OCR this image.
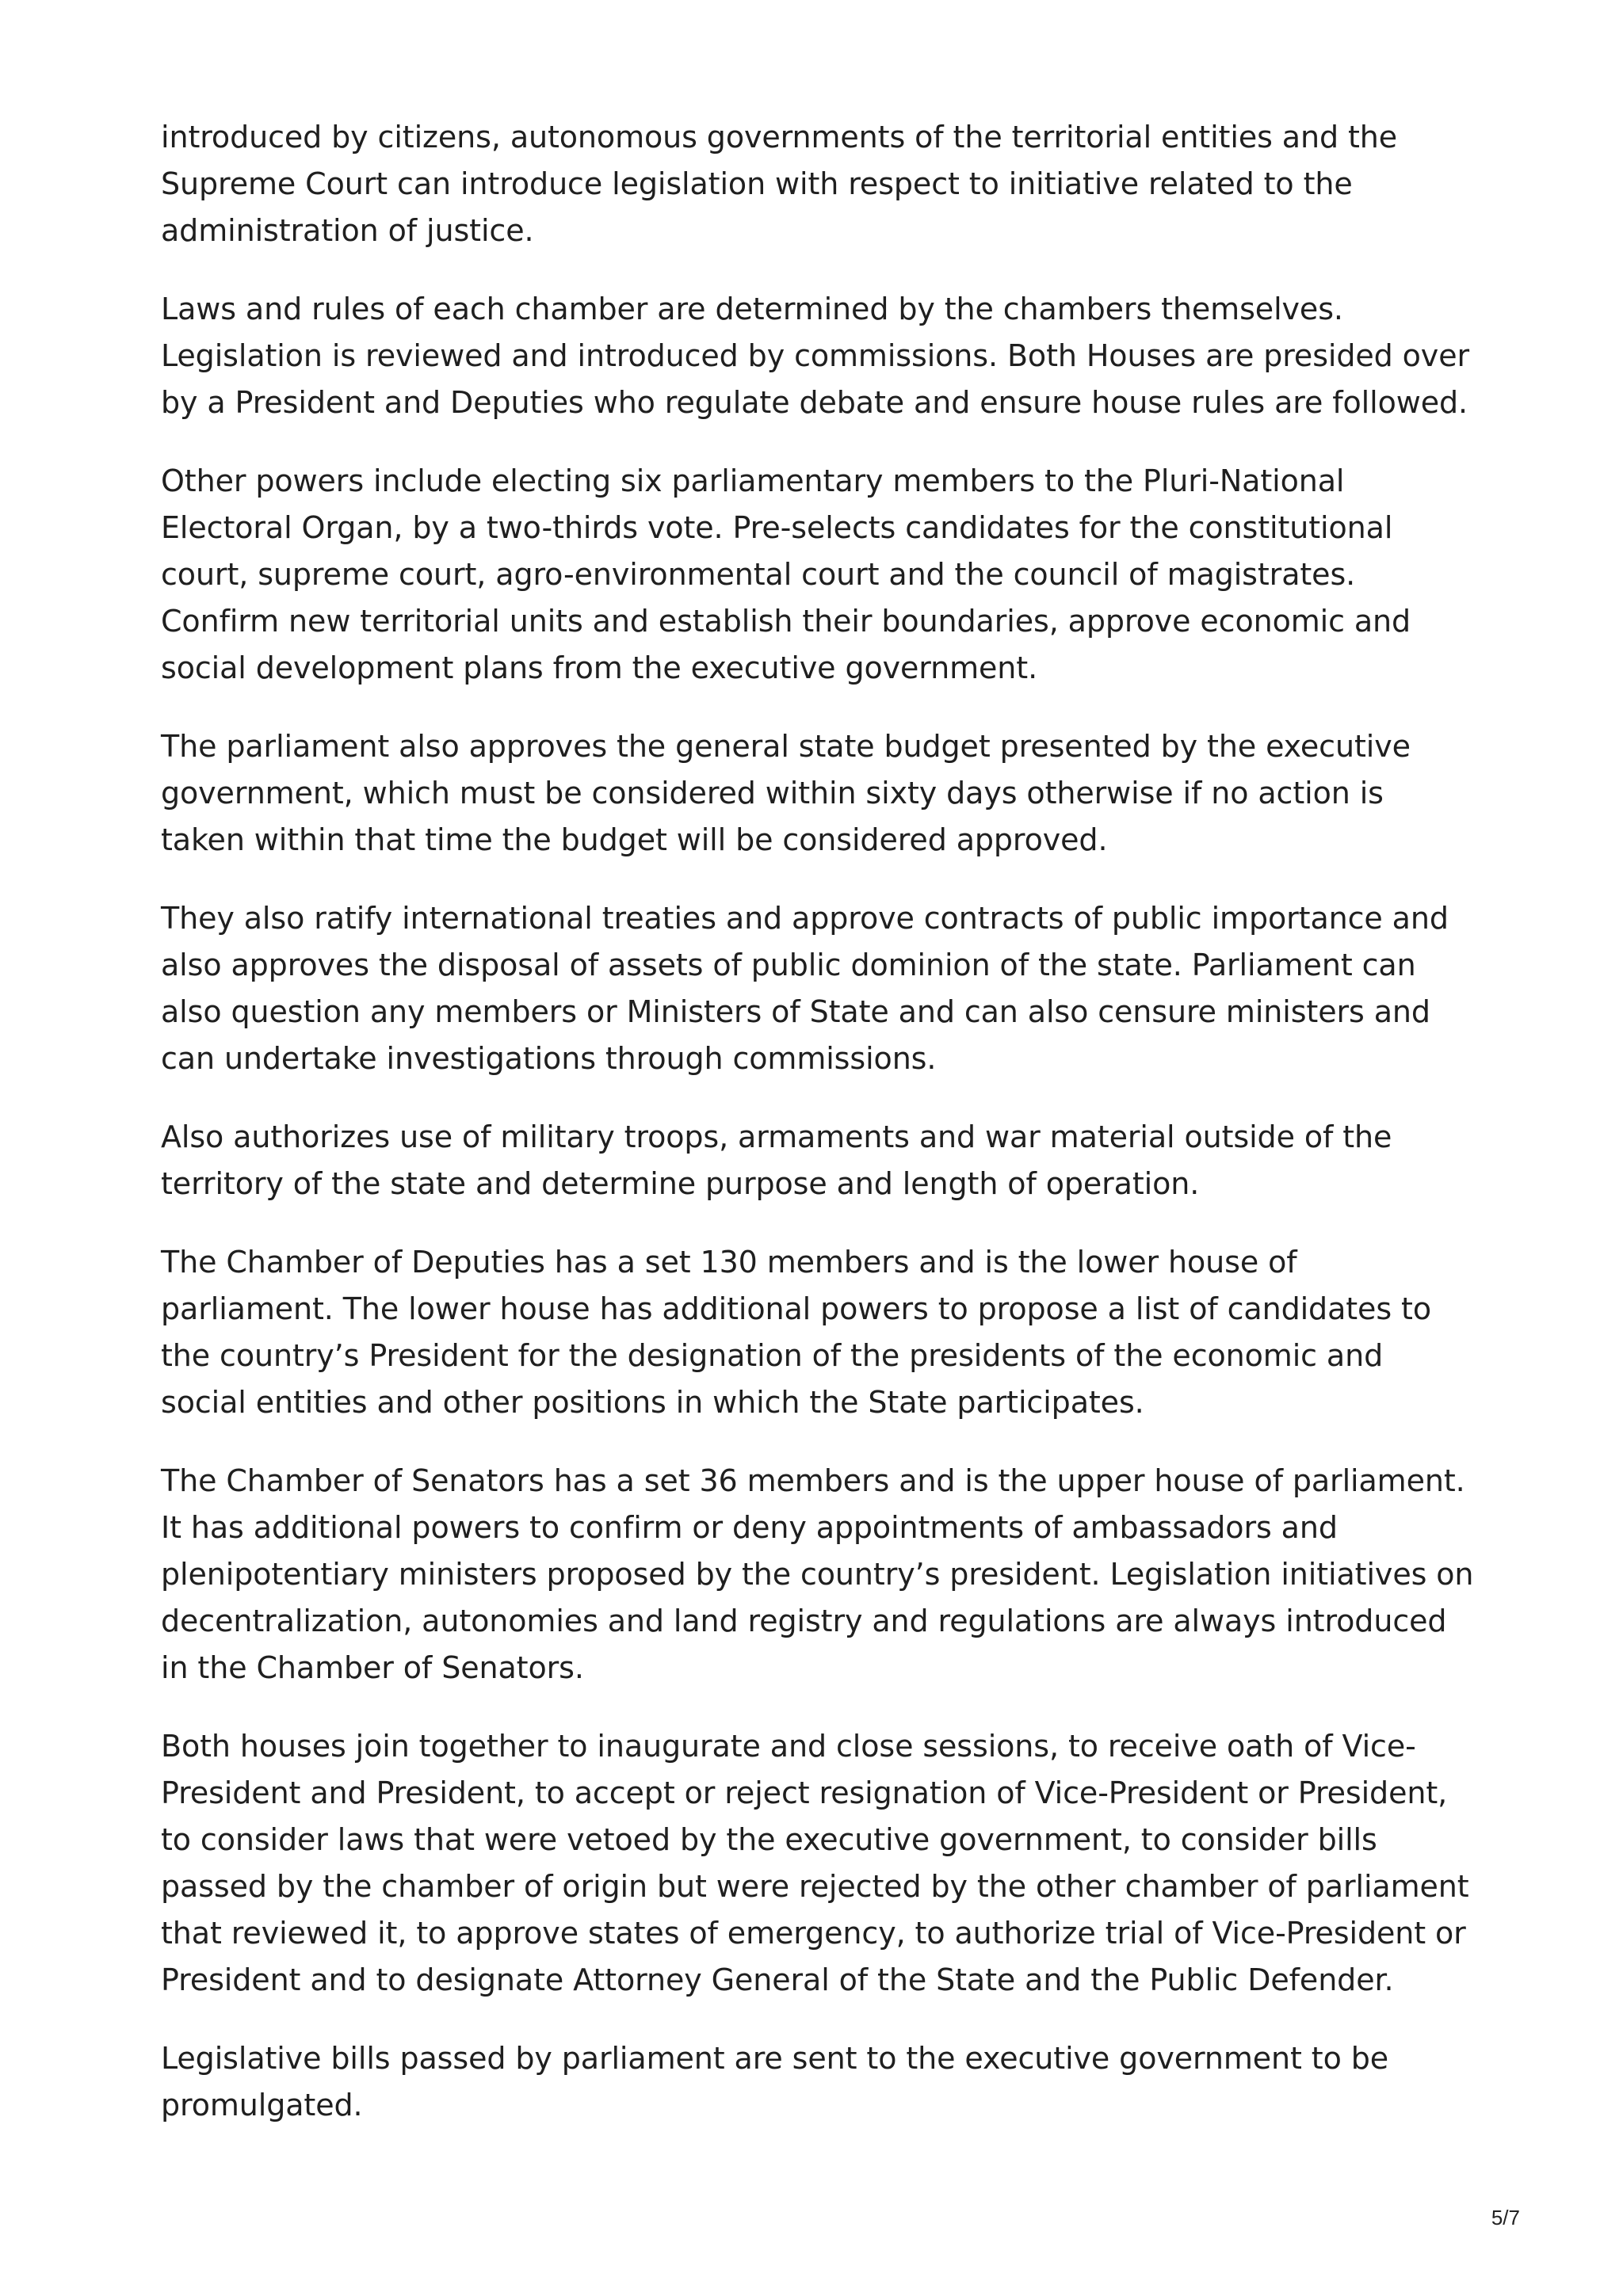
introduced by citizens, autonomous governments of the territorial entities and the Supreme Court can introduce legislation with respect to initiative related to the administration of justice.

Laws and rules of each chamber are determined by the chambers themselves. Legislation is reviewed and introduced by commissions. Both Houses are presided over by a President and Deputies who regulate debate and ensure house rules are followed.

Other powers include electing six parliamentary members to the Pluri-National Electoral Organ, by a two-thirds vote. Pre-selects candidates for the constitutional court, supreme court, agro-environmental court and the council of magistrates. Confirm new territorial units and establish their boundaries, approve economic and social development plans from the executive government.

The parliament also approves the general state budget presented by the executive government, which must be considered within sixty days otherwise if no action is taken within that time the budget will be considered approved.

They also ratify international treaties and approve contracts of public importance and also approves the disposal of assets of public dominion of the state. Parliament can also question any members or Ministers of State and can also censure ministers and can undertake investigations through commissions.

Also authorizes use of military troops, armaments and war material outside of the territory of the state and determine purpose and length of operation.

The Chamber of Deputies has a set 130 members and is the lower house of parliament. The lower house has additional powers to propose a list of candidates to the country’s President for the designation of the presidents of the economic and social entities and other positions in which the State participates.

The Chamber of Senators has a set 36 members and is the upper house of parliament. It has additional powers to confirm or deny appointments of ambassadors and plenipotentiary ministers proposed by the country’s president. Legislation initiatives on decentralization, autonomies and land registry and regulations are always introduced in the Chamber of Senators.

Both houses join together to inaugurate and close sessions, to receive oath of Vice-President and President, to accept or reject resignation of Vice-President or President, to consider laws that were vetoed by the executive government, to consider bills passed by the chamber of origin but were rejected by the other chamber of parliament that reviewed it, to approve states of emergency, to authorize trial of Vice-President or President and to designate Attorney General of the State and the Public Defender.

Legislative bills passed by parliament are sent to the executive government to be promulgated.

5/7
